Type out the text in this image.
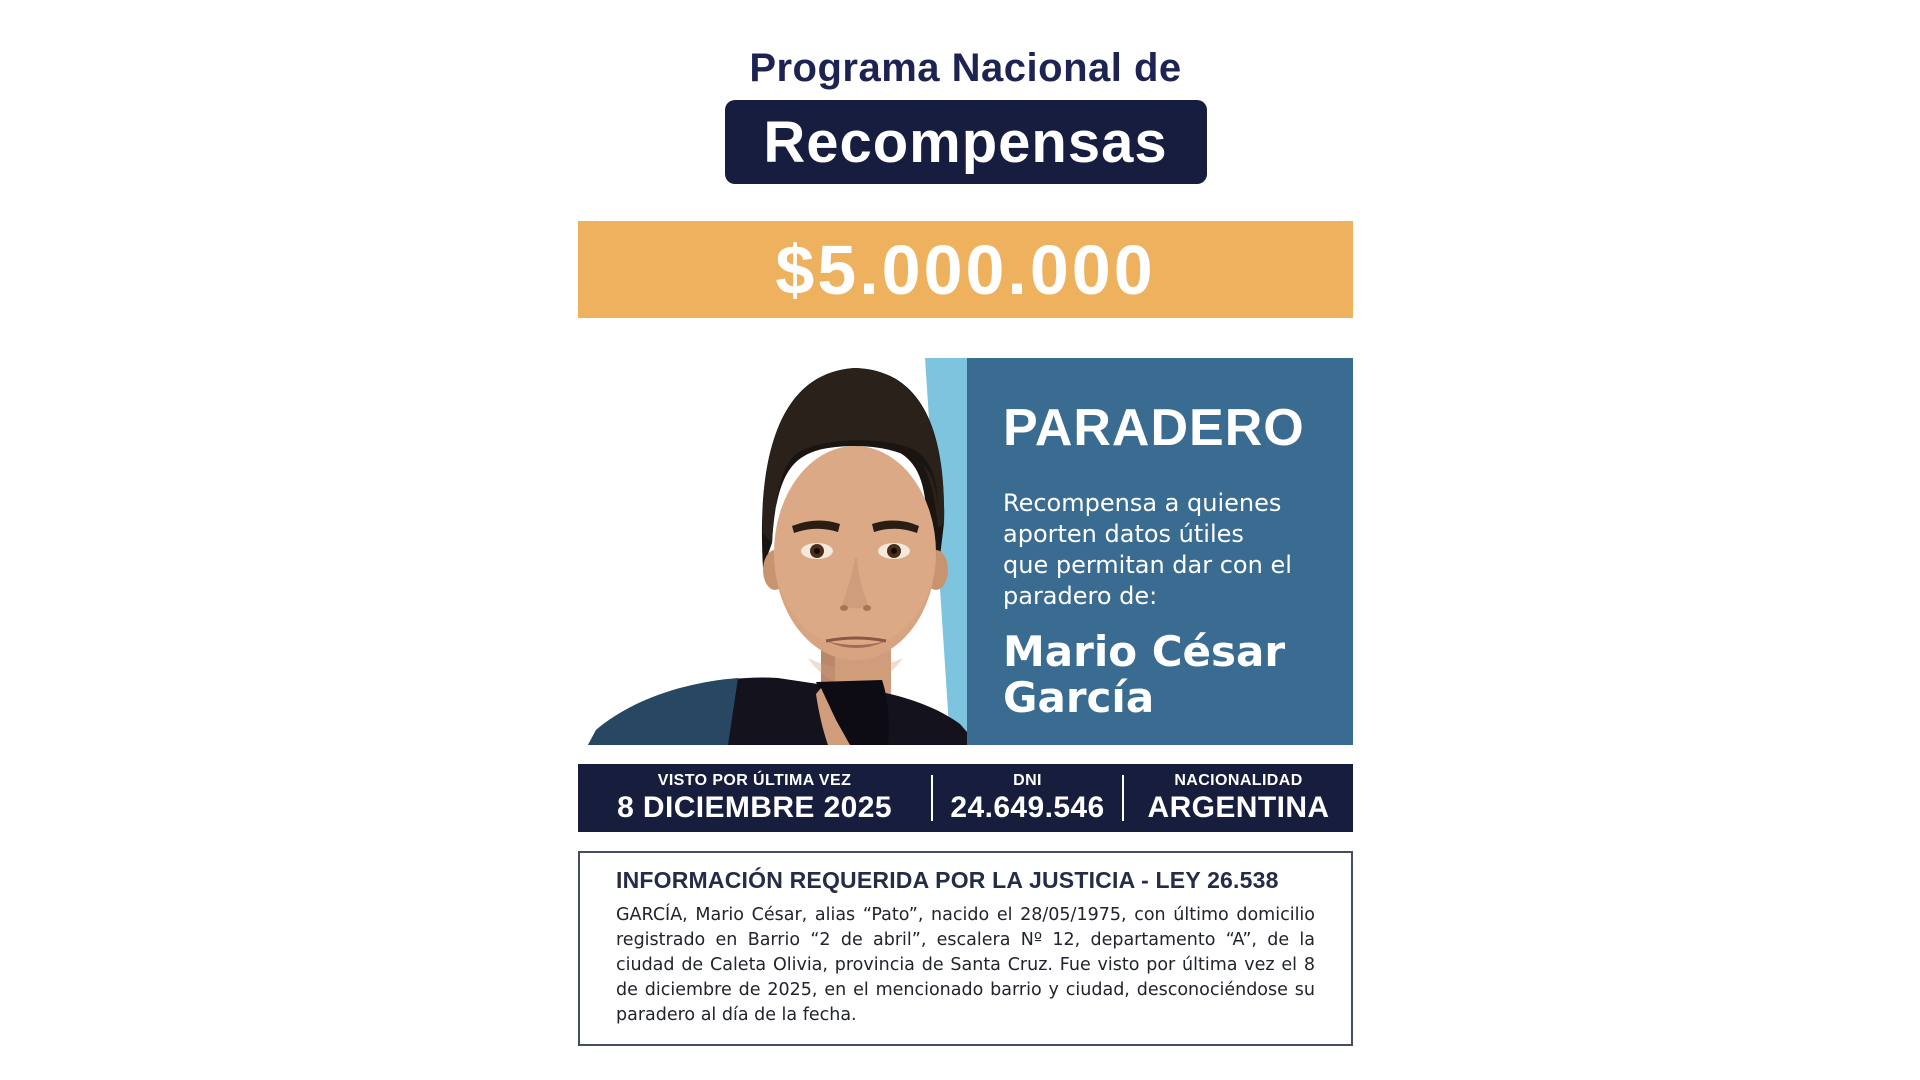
Programa Nacional de
Recompensas
$5.000.000
PARADERO
Recompensa a quienes
aporten datos útiles
que permitan dar con el
paradero de:
Mario César
García
VISTO POR ÚLTIMA VEZ
8 DICIEMBRE 2025
DNI
24.649.546
NACIONALIDAD
ARGENTINA
INFORMACIÓN REQUERIDA POR LA JUSTICIA - LEY 26.538
GARCÍA, Mario César, alias “Pato”, nacido el 28/05/1975, con último domicilio registrado en Barrio “2 de abril”, escalera Nº 12, departamento “A”, de la ciudad de Caleta Olivia, provincia de Santa Cruz. Fue visto por última vez el 8 de diciembre de 2025, en el mencionado barrio y ciudad, desconociéndose su paradero al día de la fecha.
